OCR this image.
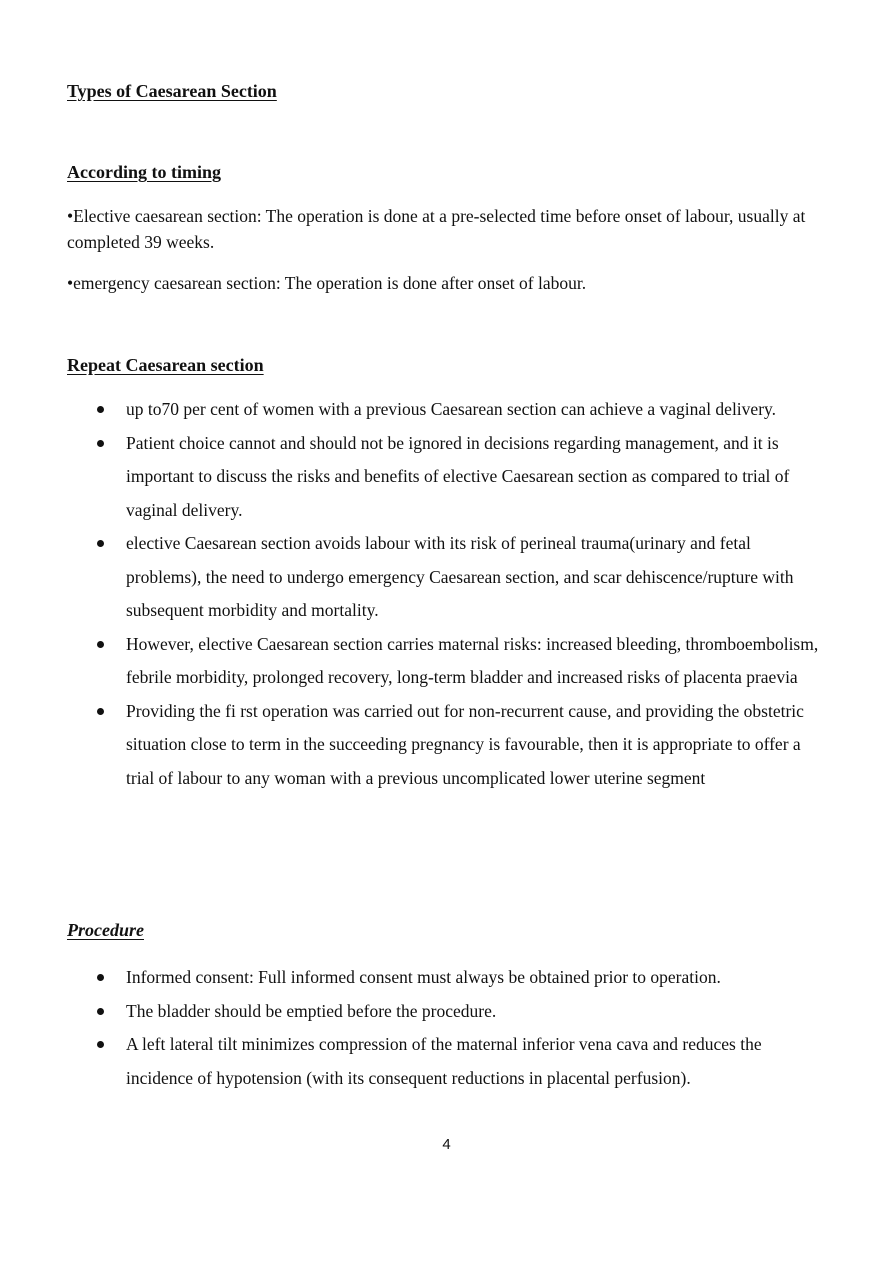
Types of Caesarean Section
According to timing

•Elective caesarean section: The operation is done at a pre-selected time before onset of labour, usually at completed 39 weeks.

•emergency caesarean section: The operation is done after onset of labour.

Repeat Caesarean section
up to70 per cent of women with a previous Caesarean section can achieve a vaginal delivery.
Patient choice cannot and should not be ignored in decisions regarding management, and it is important to discuss the risks and benefits of elective Caesarean section as compared to trial of vaginal delivery.
elective Caesarean section avoids labour with its risk of perineal trauma(urinary and fetal problems), the need to undergo emergency Caesarean section, and scar dehiscence/rupture with subsequent morbidity and mortality.
However, elective Caesarean section carries maternal risks: increased bleeding, thromboembolism, febrile morbidity, prolonged recovery, long-term bladder and increased risks of placenta praevia
Providing the fi rst operation was carried out for non-recurrent cause, and providing the obstetric situation close to term in the succeeding pregnancy is favourable, then it is appropriate to offer a trial of labour to any woman with a previous uncomplicated lower uterine segment
Procedure
Informed consent: Full informed consent must always be obtained prior to operation.
The bladder should be emptied before the procedure.
A left lateral tilt minimizes compression of the maternal inferior vena cava and reduces the incidence of hypotension (with its consequent reductions in placental perfusion).

4
